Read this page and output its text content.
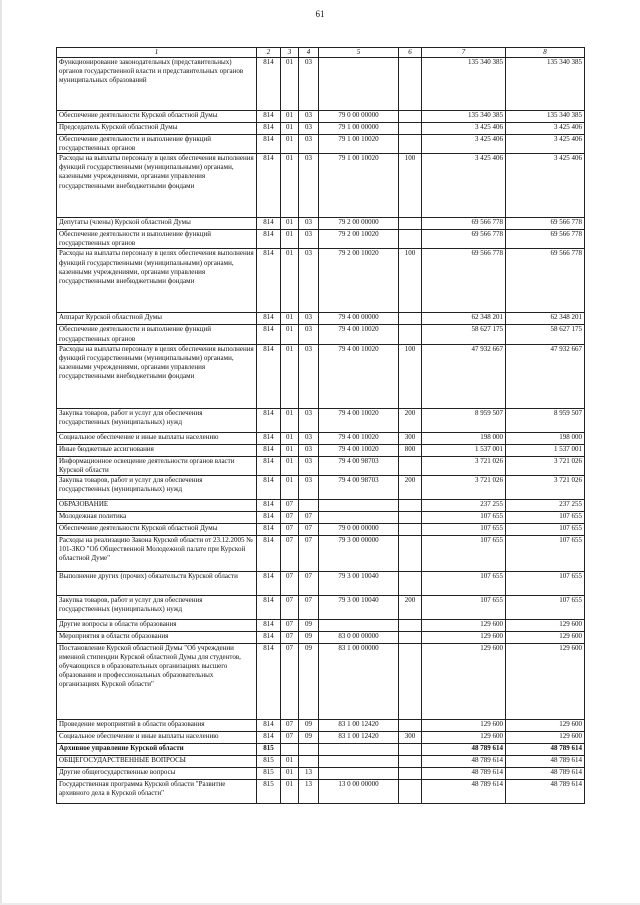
61
1	2	3	4	5	6	7	8
Функционирование законодательных (представительных) органов государственной власти и представительных органов муниципальных образований	814	01	03			135 340 385	135 340 385
Обеспечение деятельности Курской областной Думы	814	01	03	79 0 00 00000		135 340 385	135 340 385
Председатель Курской областной Думы	814	01	03	79 1 00 00000		3 425 406	3 425 406
Обеспечение деятельности и выполнение функций государственных органов	814	01	03	79 1 00 10020		3 425 406	3 425 406
Расходы на выплаты персоналу в целях обеспечения выполнения функций государственными (муниципальными) органами, казенными учреждениями, органами управления государственными внебюджетными фондами	814	01	03	79 1 00 10020	100	3 425 406	3 425 406
Депутаты (члены) Курской областной Думы	814	01	03	79 2 00 00000		69 566 778	69 566 778
Обеспечение деятельности и выполнение функций государственных органов	814	01	03	79 2 00 10020		69 566 778	69 566 778
Расходы на выплаты персоналу в целях обеспечения выполнения функций государственными (муниципальными) органами, казенными учреждениями, органами управления государственными внебюджетными фондами	814	01	03	79 2 00 10020	100	69 566 778	69 566 778
Аппарат Курской областной Думы	814	01	03	79 4 00 00000		62 348 201	62 348 201
Обеспечение деятельности и выполнение функций государственных органов	814	01	03	79 4 00 10020		58 627 175	58 627 175
Расходы на выплаты персоналу в целях обеспечения выполнения функций государственными (муниципальными) органами, казенными учреждениями, органами управления государственными внебюджетными фондами	814	01	03	79 4 00 10020	100	47 932 667	47 932 667
Закупка товаров, работ и услуг для обеспечения государственных (муниципальных) нужд	814	01	03	79 4 00 10020	200	8 959 507	8 959 507
Социальное обеспечение и иные выплаты населению	814	01	03	79 4 00 10020	300	198 000	198 000
Иные бюджетные ассигнования	814	01	03	79 4 00 10020	800	1 537 001	1 537 001
Информационное освещение деятельности органов власти Курской области	814	01	03	79 4 00 98703		3 721 026	3 721 026
Закупка товаров, работ и услуг для обеспечения государственных (муниципальных) нужд	814	01	03	79 4 00 98703	200	3 721 026	3 721 026
ОБРАЗОВАНИЕ	814	07				237 255	237 255
Молодежная политика	814	07	07			107 655	107 655
Обеспечение деятельности Курской областной Думы	814	07	07	79 0 00 00000		107 655	107 655
Расходы на реализацию Закона Курской области от 23.12.2005 № 101-ЗКО "Об Общественной Молодежной палате при Курской областной Думе"	814	07	07	79 3 00 00000		107 655	107 655
Выполнение других (прочих) обязательств Курской области	814	07	07	79 3 00 10040		107 655	107 655
Закупка товаров, работ и услуг для обеспечения государственных (муниципальных) нужд	814	07	07	79 3 00 10040	200	107 655	107 655
Другие вопросы в области образования	814	07	09			129 600	129 600
Мероприятия в области образования	814	07	09	83 0 00 00000		129 600	129 600
Постановление Курской областной Думы "Об учреждении именной стипендии Курской областной Думы для студентов, обучающихся в образовательных организациях высшего образования и профессиональных образовательных организациях Курской области"	814	07	09	83 1 00 00000		129 600	129 600
Проведение мероприятий в области образования	814	07	09	83 1 00 12420		129 600	129 600
Социальное обеспечение и иные выплаты населению	814	07	09	83 1 00 12420	300	129 600	129 600
Архивное управление Курской области	815					48 789 614	48 789 614
ОБЩЕГОСУДАРСТВЕННЫЕ ВОПРОСЫ	815	01				48 789 614	48 789 614
Другие общегосударственные вопросы	815	01	13			48 789 614	48 789 614
Государственная программа Курской области "Развитие архивного дела в Курской области"	815	01	13	13 0 00 00000		48 789 614	48 789 614
